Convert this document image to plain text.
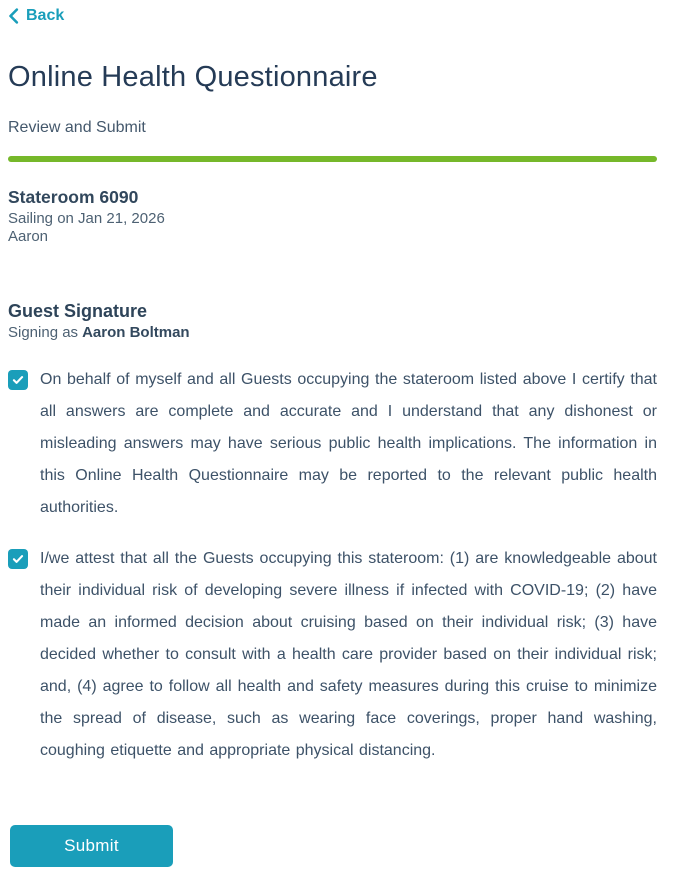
Back
Online Health Questionnaire
Review and Submit
Stateroom 6090
Sailing on Jan 21, 2026
Aaron
Guest Signature
Signing as Aaron Boltman
On behalf of myself and all Guests occupying the stateroom listed above I certify that all answers are complete and accurate and I understand that any dishonest or misleading answers may have serious public health implications. The information in this Online Health Questionnaire may be reported to the relevant public health authorities.
I/we attest that all the Guests occupying this stateroom: (1) are knowledgeable about their individual risk of developing severe illness if infected with COVID-19; (2) have made an informed decision about cruising based on their individual risk; (3) have decided whether to consult with a health care provider based on their individual risk; and, (4) agree to follow all health and safety measures during this cruise to minimize the spread of disease, such as wearing face coverings, proper hand washing, coughing etiquette and appropriate physical distancing.
Submit
